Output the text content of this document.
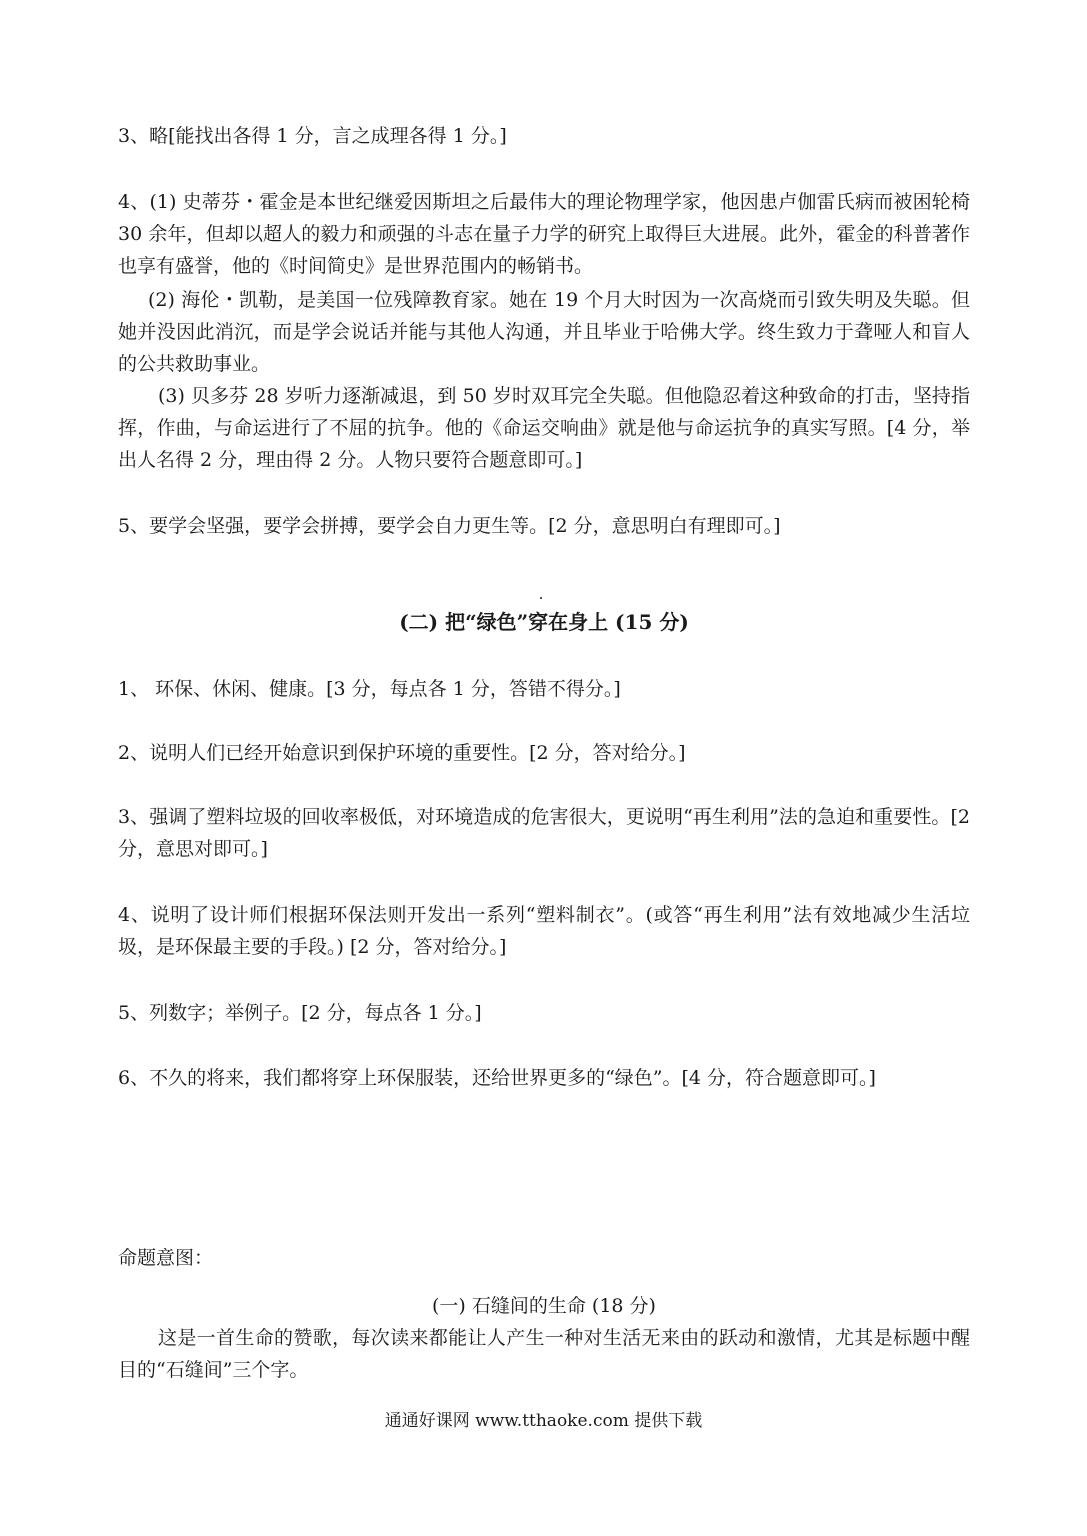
3、略[能找出各得 1 分，言之成理各得 1 分。]

4、(1) 史蒂芬・霍金是本世纪继爱因斯坦之后最伟大的理论物理学家，他因患卢伽雷氏病而被困轮椅 30 余年，但却以超人的毅力和顽强的斗志在量子力学的研究上取得巨大进展。此外，霍金的科普著作也享有盛誉，他的《时间简史》是世界范围内的畅销书。

(2) 海伦・凯勒，是美国一位残障教育家。她在 19 个月大时因为一次高烧而引致失明及失聪。但她并没因此消沉，而是学会说话并能与其他人沟通，并且毕业于哈佛大学。终生致力于聋哑人和盲人的公共救助事业。

(3) 贝多芬 28 岁听力逐渐减退，到 50 岁时双耳完全失聪。但他隐忍着这种致命的打击，坚持指挥，作曲，与命运进行了不屈的抗争。他的《命运交响曲》就是他与命运抗争的真实写照。[4 分，举出人名得 2 分，理由得 2 分。人物只要符合题意即可。]

5、要学会坚强，要学会拼搏，要学会自力更生等。[2 分，意思明白有理即可。]

(二) 把“绿色”穿在身上 (15 分)

1、 环保、休闲、健康。[3 分，每点各 1 分，答错不得分。]

2、说明人们已经开始意识到保护环境的重要性。[2 分，答对给分。]

3、强调了塑料垃圾的回收率极低，对环境造成的危害很大，更说明“再生利用”法的急迫和重要性。[2 分，意思对即可。]

4、说明了设计师们根据环保法则开发出一系列“塑料制衣”。(或答“再生利用”法有效地减少生活垃圾，是环保最主要的手段。) [2 分，答对给分。]

5、列数字；举例子。[2 分，每点各 1 分。]

6、不久的将来，我们都将穿上环保服装，还给世界更多的“绿色”。[4 分，符合题意即可。]

命题意图：
(一) 石缝间的生命 (18 分)

这是一首生命的赞歌，每次读来都能让人产生一种对生活无来由的跃动和激情，尤其是标题中醒目的“石缝间”三个字。

通通好课网 www.tthaoke.com 提供下载
